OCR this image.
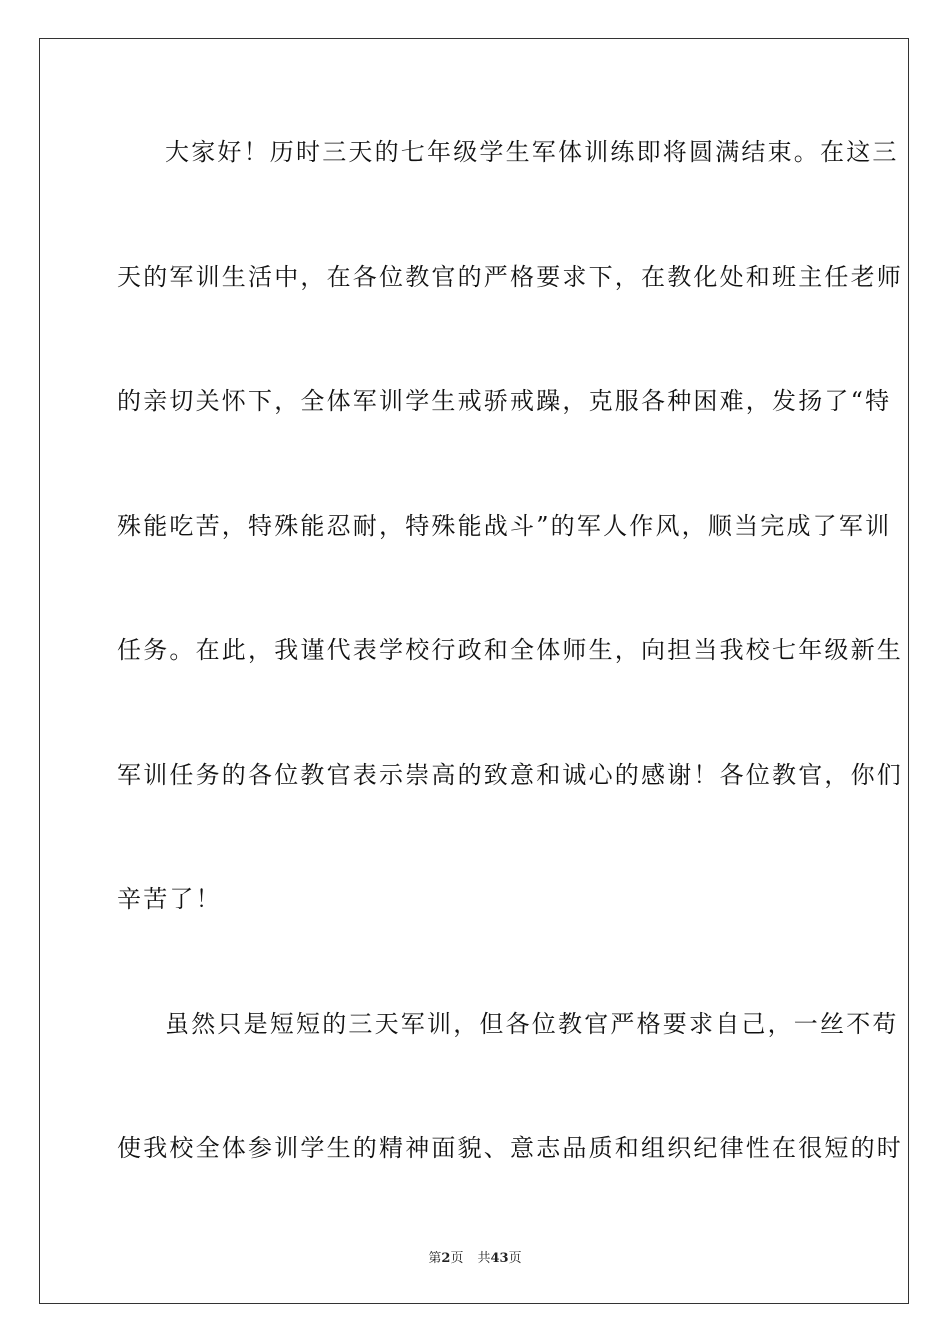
大家好！历时三天的七年级学生军体训练即将圆满结束。在这三
天的军训生活中，在各位教官的严格要求下，在教化处和班主任老师
的亲切关怀下，全体军训学生戒骄戒躁，克服各种困难，发扬了“特
殊能吃苦，特殊能忍耐，特殊能战斗”的军人作风，顺当完成了军训
任务。在此，我谨代表学校行政和全体师生，向担当我校七年级新生
军训任务的各位教官表示崇高的致意和诚心的感谢！各位教官，你们
辛苦了！
虽然只是短短的三天军训，但各位教官严格要求自己，一丝不苟
使我校全体参训学生的精神面貌、意志品质和组织纪律性在很短的时
第2页 共43页
